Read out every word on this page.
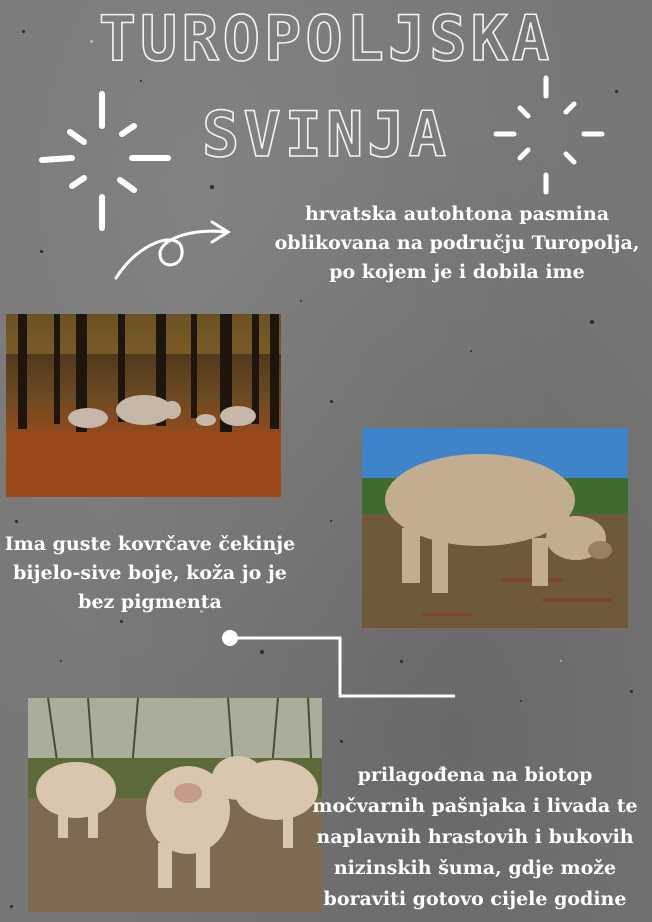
TUROPOLJSKA
SVINJA

hrvatska autohtona pasmina oblikovana na području Turopolja, po kojem je i dobila ime

Ima guste kovrčave čekinje bijelo-sive boje, koža jo je bez pigmenta

prilagođena na biotop močvarnih pašnjaka i livada te naplavnih hrastovih i bukovih nizinskih šuma, gdje može boraviti gotovo cijele godine
